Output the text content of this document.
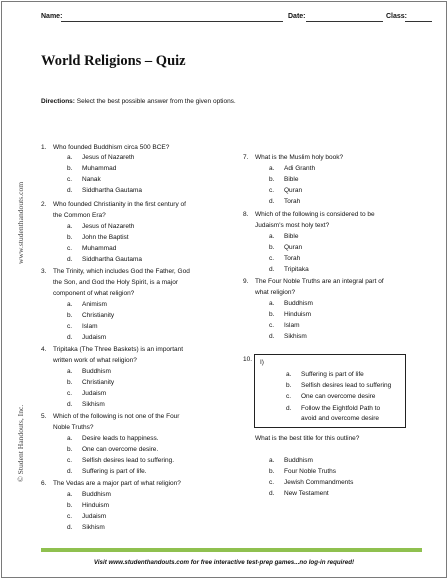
www.studenthandouts.com
© Student Handouts, Inc.
Name:	Date:	Class:
World Religions – Quiz
Directions: Select the best possible answer from the given options.
1. Who founded Buddhism circa 500 BCE?
a. Jesus of Nazareth
b. Muhammad
c. Nanak
d. Siddhartha Gautama
2. Who founded Christianity in the first century of
the Common Era?
a. Jesus of Nazareth
b. John the Baptist
c. Muhammad
d. Siddhartha Gautama
3. The Trinity, which includes God the Father, God
the Son, and God the Holy Spirit, is a major
component of what religion?
a. Animism
b. Christianity
c. Islam
d. Judaism
4. Tripitaka (The Three Baskets) is an important
written work of what religion?
a. Buddhism
b. Christianity
c. Judaism
d. Sikhism
5. Which of the following is not one of the Four
Noble Truths?
a. Desire leads to happiness.
b. One can overcome desire.
c. Selfish desires lead to suffering.
d. Suffering is part of life.
6. The Vedas are a major part of what religion?
a. Buddhism
b. Hinduism
c. Judaism
d. Sikhism
7. What is the Muslim holy book?
a. Adi Granth
b. Bible
c. Quran
d. Torah
8. Which of the following is considered to be
Judaism's most holy text?
a. Bible
b. Quran
c. Torah
d. Tripitaka
9. The Four Noble Truths are an integral part of
what religion?
a. Buddhism
b. Hinduism
c. Islam
d. Sikhism
10.
What is the best title for this outline?
a. Buddhism
b. Four Noble Truths
c. Jewish Commandments
d. New Testament
I)
a. Suffering is part of life
b. Selfish desires lead to suffering
c. One can overcome desire
d. Follow the Eightfold Path to
avoid and overcome desire
Visit www.studenthandouts.com for free interactive test-prep games...no log-in required!
